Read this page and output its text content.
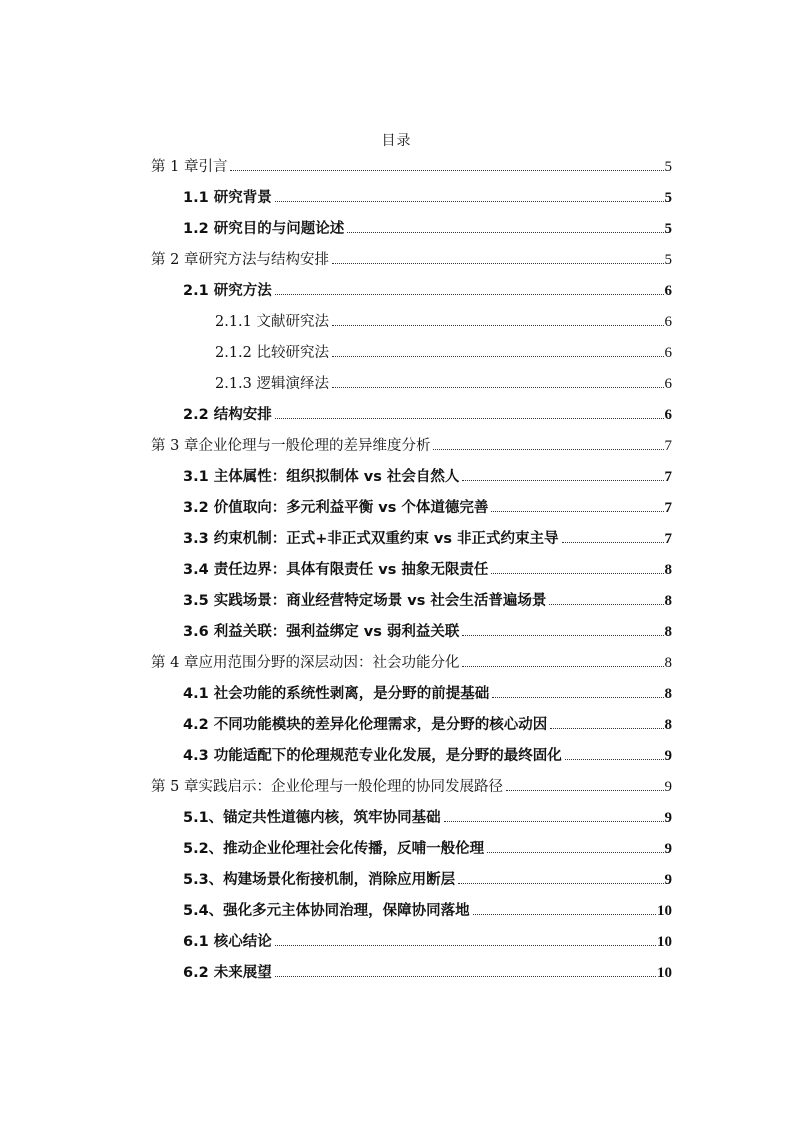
目录
第 1 章引言	5
1.1 研究背景	5
1.2 研究目的与问题论述	5
第 2 章研究方法与结构安排	5
2.1 研究方法	6
2.1.1 文献研究法	6
2.1.2 比较研究法	6
2.1.3 逻辑演绎法	6
2.2 结构安排	6
第 3 章企业伦理与一般伦理的差异维度分析	7
3.1 主体属性：组织拟制体 vs 社会自然人	7
3.2 价值取向：多元利益平衡 vs 个体道德完善	7
3.3 约束机制：正式+非正式双重约束 vs 非正式约束主导	7
3.4 责任边界：具体有限责任 vs 抽象无限责任	8
3.5 实践场景：商业经营特定场景 vs 社会生活普遍场景	8
3.6 利益关联：强利益绑定 vs 弱利益关联	8
第 4 章应用范围分野的深层动因：社会功能分化	8
4.1 社会功能的系统性剥离，是分野的前提基础	8
4.2 不同功能模块的差异化伦理需求，是分野的核心动因	8
4.3 功能适配下的伦理规范专业化发展，是分野的最终固化	9
第 5 章实践启示：企业伦理与一般伦理的协同发展路径	9
5.1、锚定共性道德内核，筑牢协同基础	9
5.2、推动企业伦理社会化传播，反哺一般伦理	9
5.3、构建场景化衔接机制，消除应用断层	9
5.4、强化多元主体协同治理，保障协同落地	10
6.1 核心结论	10
6.2 未来展望	10
